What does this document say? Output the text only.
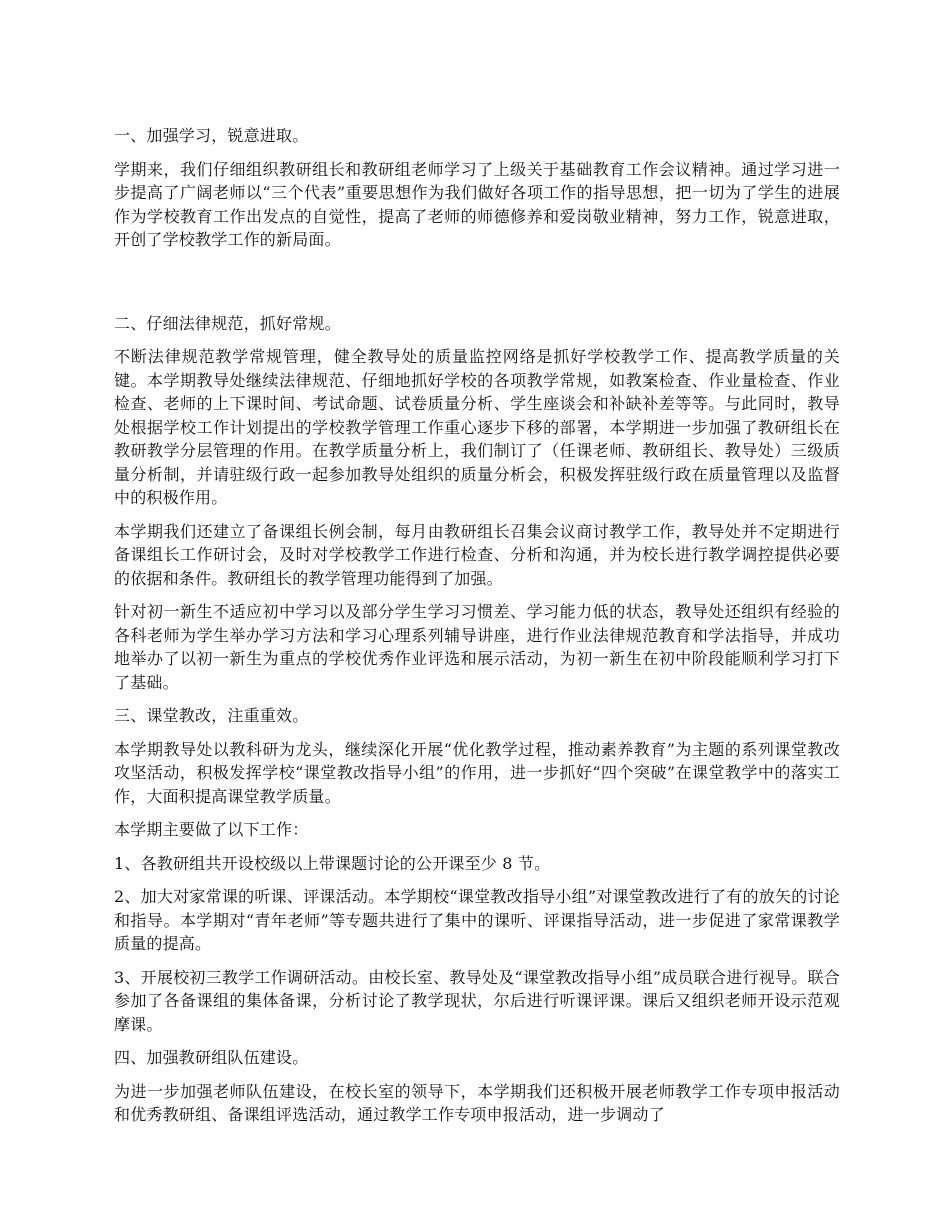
一、加强学习，锐意进取。

学期来，我们仔细组织教研组长和教研组老师学习了上级关于基础教育工作会议精神。通过学习进一步提高了广阔老师以“三个代表”重要思想作为我们做好各项工作的指导思想，把一切为了学生的进展作为学校教育工作出发点的自觉性，提高了老师的师德修养和爱岗敬业精神，努力工作，锐意进取，开创了学校教学工作的新局面。

二、仔细法律规范，抓好常规。

不断法律规范教学常规管理，健全教导处的质量监控网络是抓好学校教学工作、提高教学质量的关键。本学期教导处继续法律规范、仔细地抓好学校的各项教学常规，如教案检查、作业量检查、作业检查、老师的上下课时间、考试命题、试卷质量分析、学生座谈会和补缺补差等等。与此同时，教导处根据学校工作计划提出的学校教学管理工作重心逐步下移的部署，本学期进一步加强了教研组长在教研教学分层管理的作用。在教学质量分析上，我们制订了（任课老师、教研组长、教导处）三级质量分析制，并请驻级行政一起参加教导处组织的质量分析会，积极发挥驻级行政在质量管理以及监督中的积极作用。

本学期我们还建立了备课组长例会制，每月由教研组长召集会议商讨教学工作，教导处并不定期进行备课组长工作研讨会，及时对学校教学工作进行检查、分析和沟通，并为校长进行教学调控提供必要的依据和条件。教研组长的教学管理功能得到了加强。

针对初一新生不适应初中学习以及部分学生学习习惯差、学习能力低的状态，教导处还组织有经验的各科老师为学生举办学习方法和学习心理系列辅导讲座，进行作业法律规范教育和学法指导，并成功地举办了以初一新生为重点的学校优秀作业评选和展示活动，为初一新生在初中阶段能顺利学习打下了基础。

三、课堂教改，注重重效。

本学期教导处以教科研为龙头，继续深化开展“优化教学过程，推动素养教育”为主题的系列课堂教改攻坚活动，积极发挥学校“课堂教改指导小组”的作用，进一步抓好“四个突破”在课堂教学中的落实工作，大面积提高课堂教学质量。

本学期主要做了以下工作：

1、各教研组共开设校级以上带课题讨论的公开课至少 8 节。

2、加大对家常课的听课、评课活动。本学期校“课堂教改指导小组”对课堂教改进行了有的放矢的讨论和指导。本学期对“青年老师”等专题共进行了集中的课听、评课指导活动，进一步促进了家常课教学质量的提高。

3、开展校初三教学工作调研活动。由校长室、教导处及“课堂教改指导小组”成员联合进行视导。联合参加了各备课组的集体备课，分析讨论了教学现状，尔后进行听课评课。课后又组织老师开设示范观摩课。

四、加强教研组队伍建设。

为进一步加强老师队伍建设，在校长室的领导下，本学期我们还积极开展老师教学工作专项申报活动和优秀教研组、备课组评选活动，通过教学工作专项申报活动，进一步调动了
